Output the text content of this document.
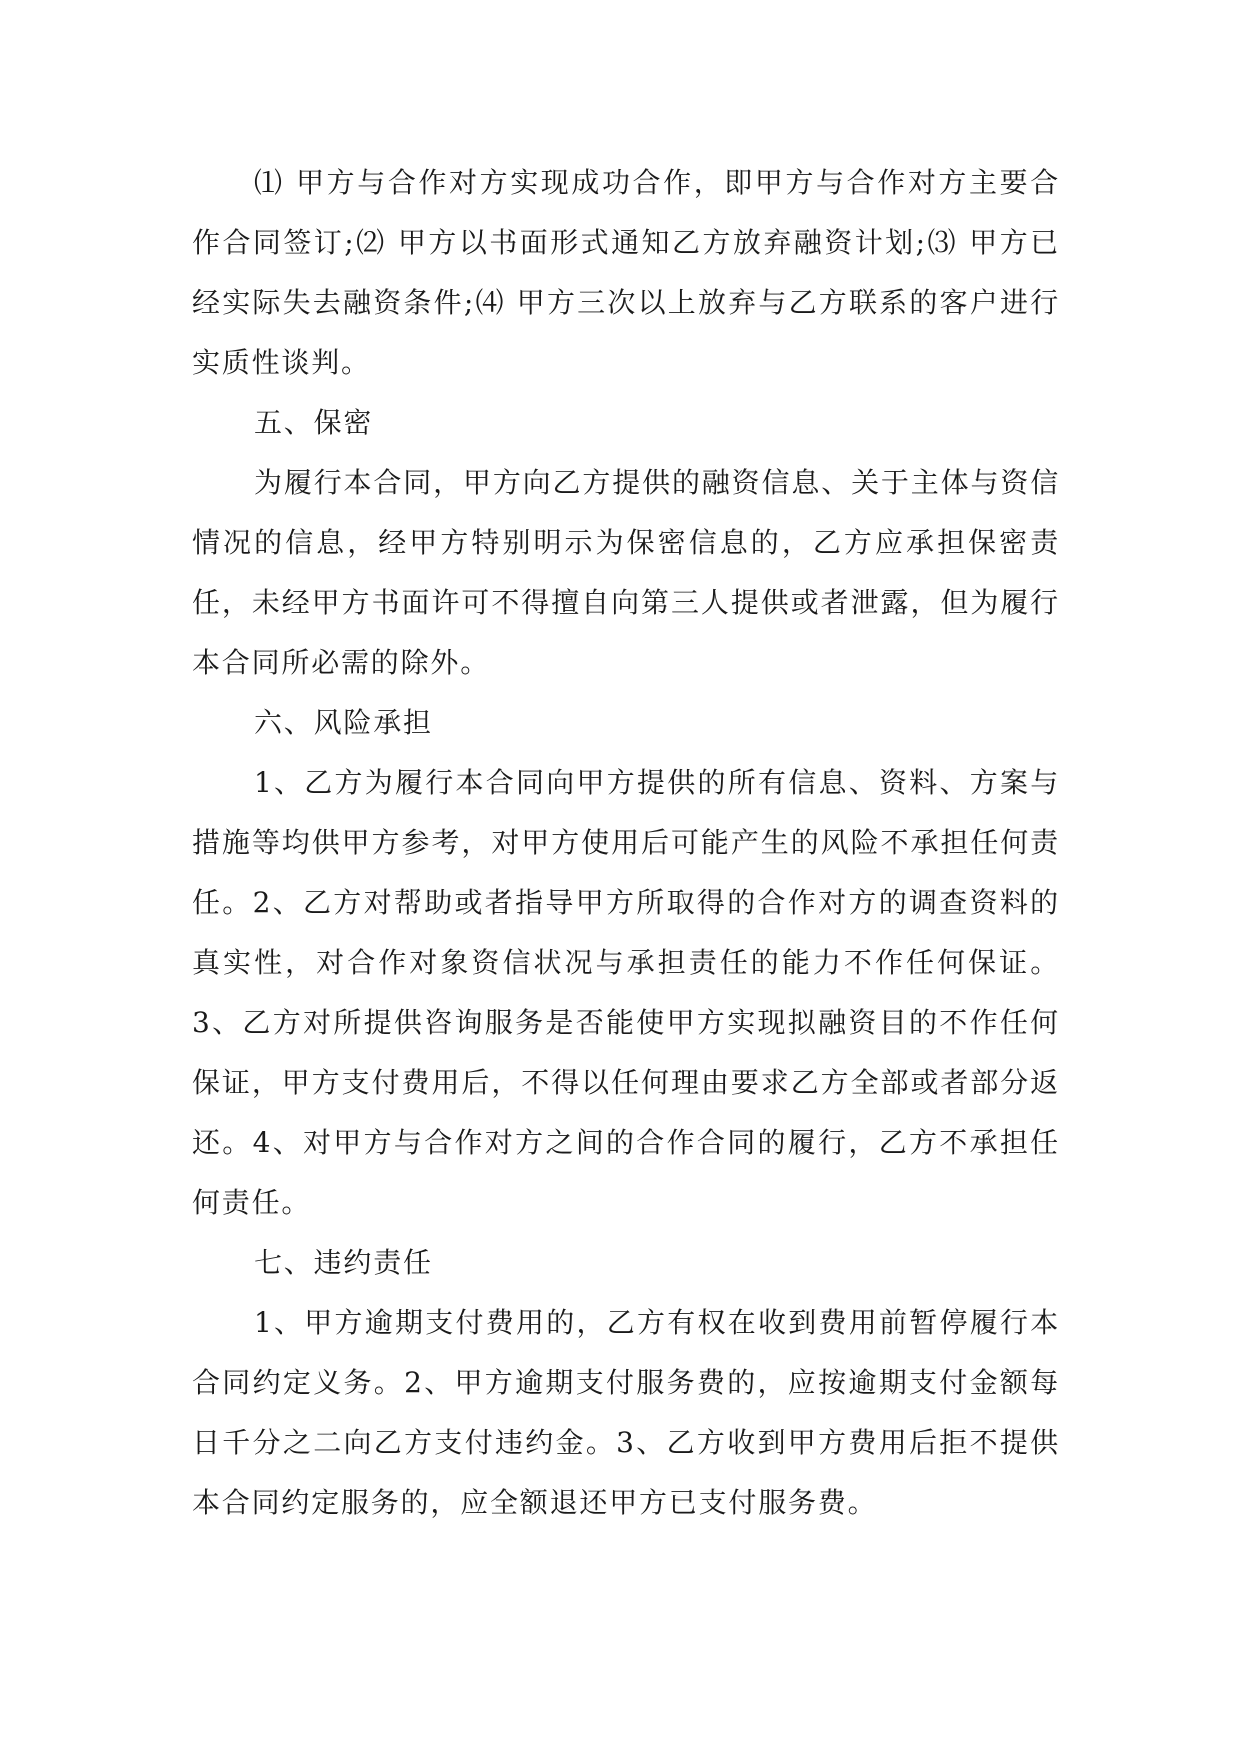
⑴ 甲方与合作对方实现成功合作，即甲方与合作对方主要合作合同签订;⑵ 甲方以书面形式通知乙方放弃融资计划;⑶ 甲方已经实际失去融资条件;⑷ 甲方三次以上放弃与乙方联系的客户进行实质性谈判。

五、保密

为履行本合同，甲方向乙方提供的融资信息、关于主体与资信情况的信息，经甲方特别明示为保密信息的，乙方应承担保密责任，未经甲方书面许可不得擅自向第三人提供或者泄露，但为履行本合同所必需的除外。

六、风险承担

1、乙方为履行本合同向甲方提供的所有信息、资料、方案与措施等均供甲方参考，对甲方使用后可能产生的风险不承担任何责任。2、乙方对帮助或者指导甲方所取得的合作对方的调查资料的真实性，对合作对象资信状况与承担责任的能力不作任何保证。3、乙方对所提供咨询服务是否能使甲方实现拟融资目的不作任何保证，甲方支付费用后，不得以任何理由要求乙方全部或者部分返还。4、对甲方与合作对方之间的合作合同的履行，乙方不承担任何责任。

七、违约责任

1、甲方逾期支付费用的，乙方有权在收到费用前暂停履行本合同约定义务。2、甲方逾期支付服务费的，应按逾期支付金额每日千分之二向乙方支付违约金。3、乙方收到甲方费用后拒不提供本合同约定服务的，应全额退还甲方已支付服务费。
